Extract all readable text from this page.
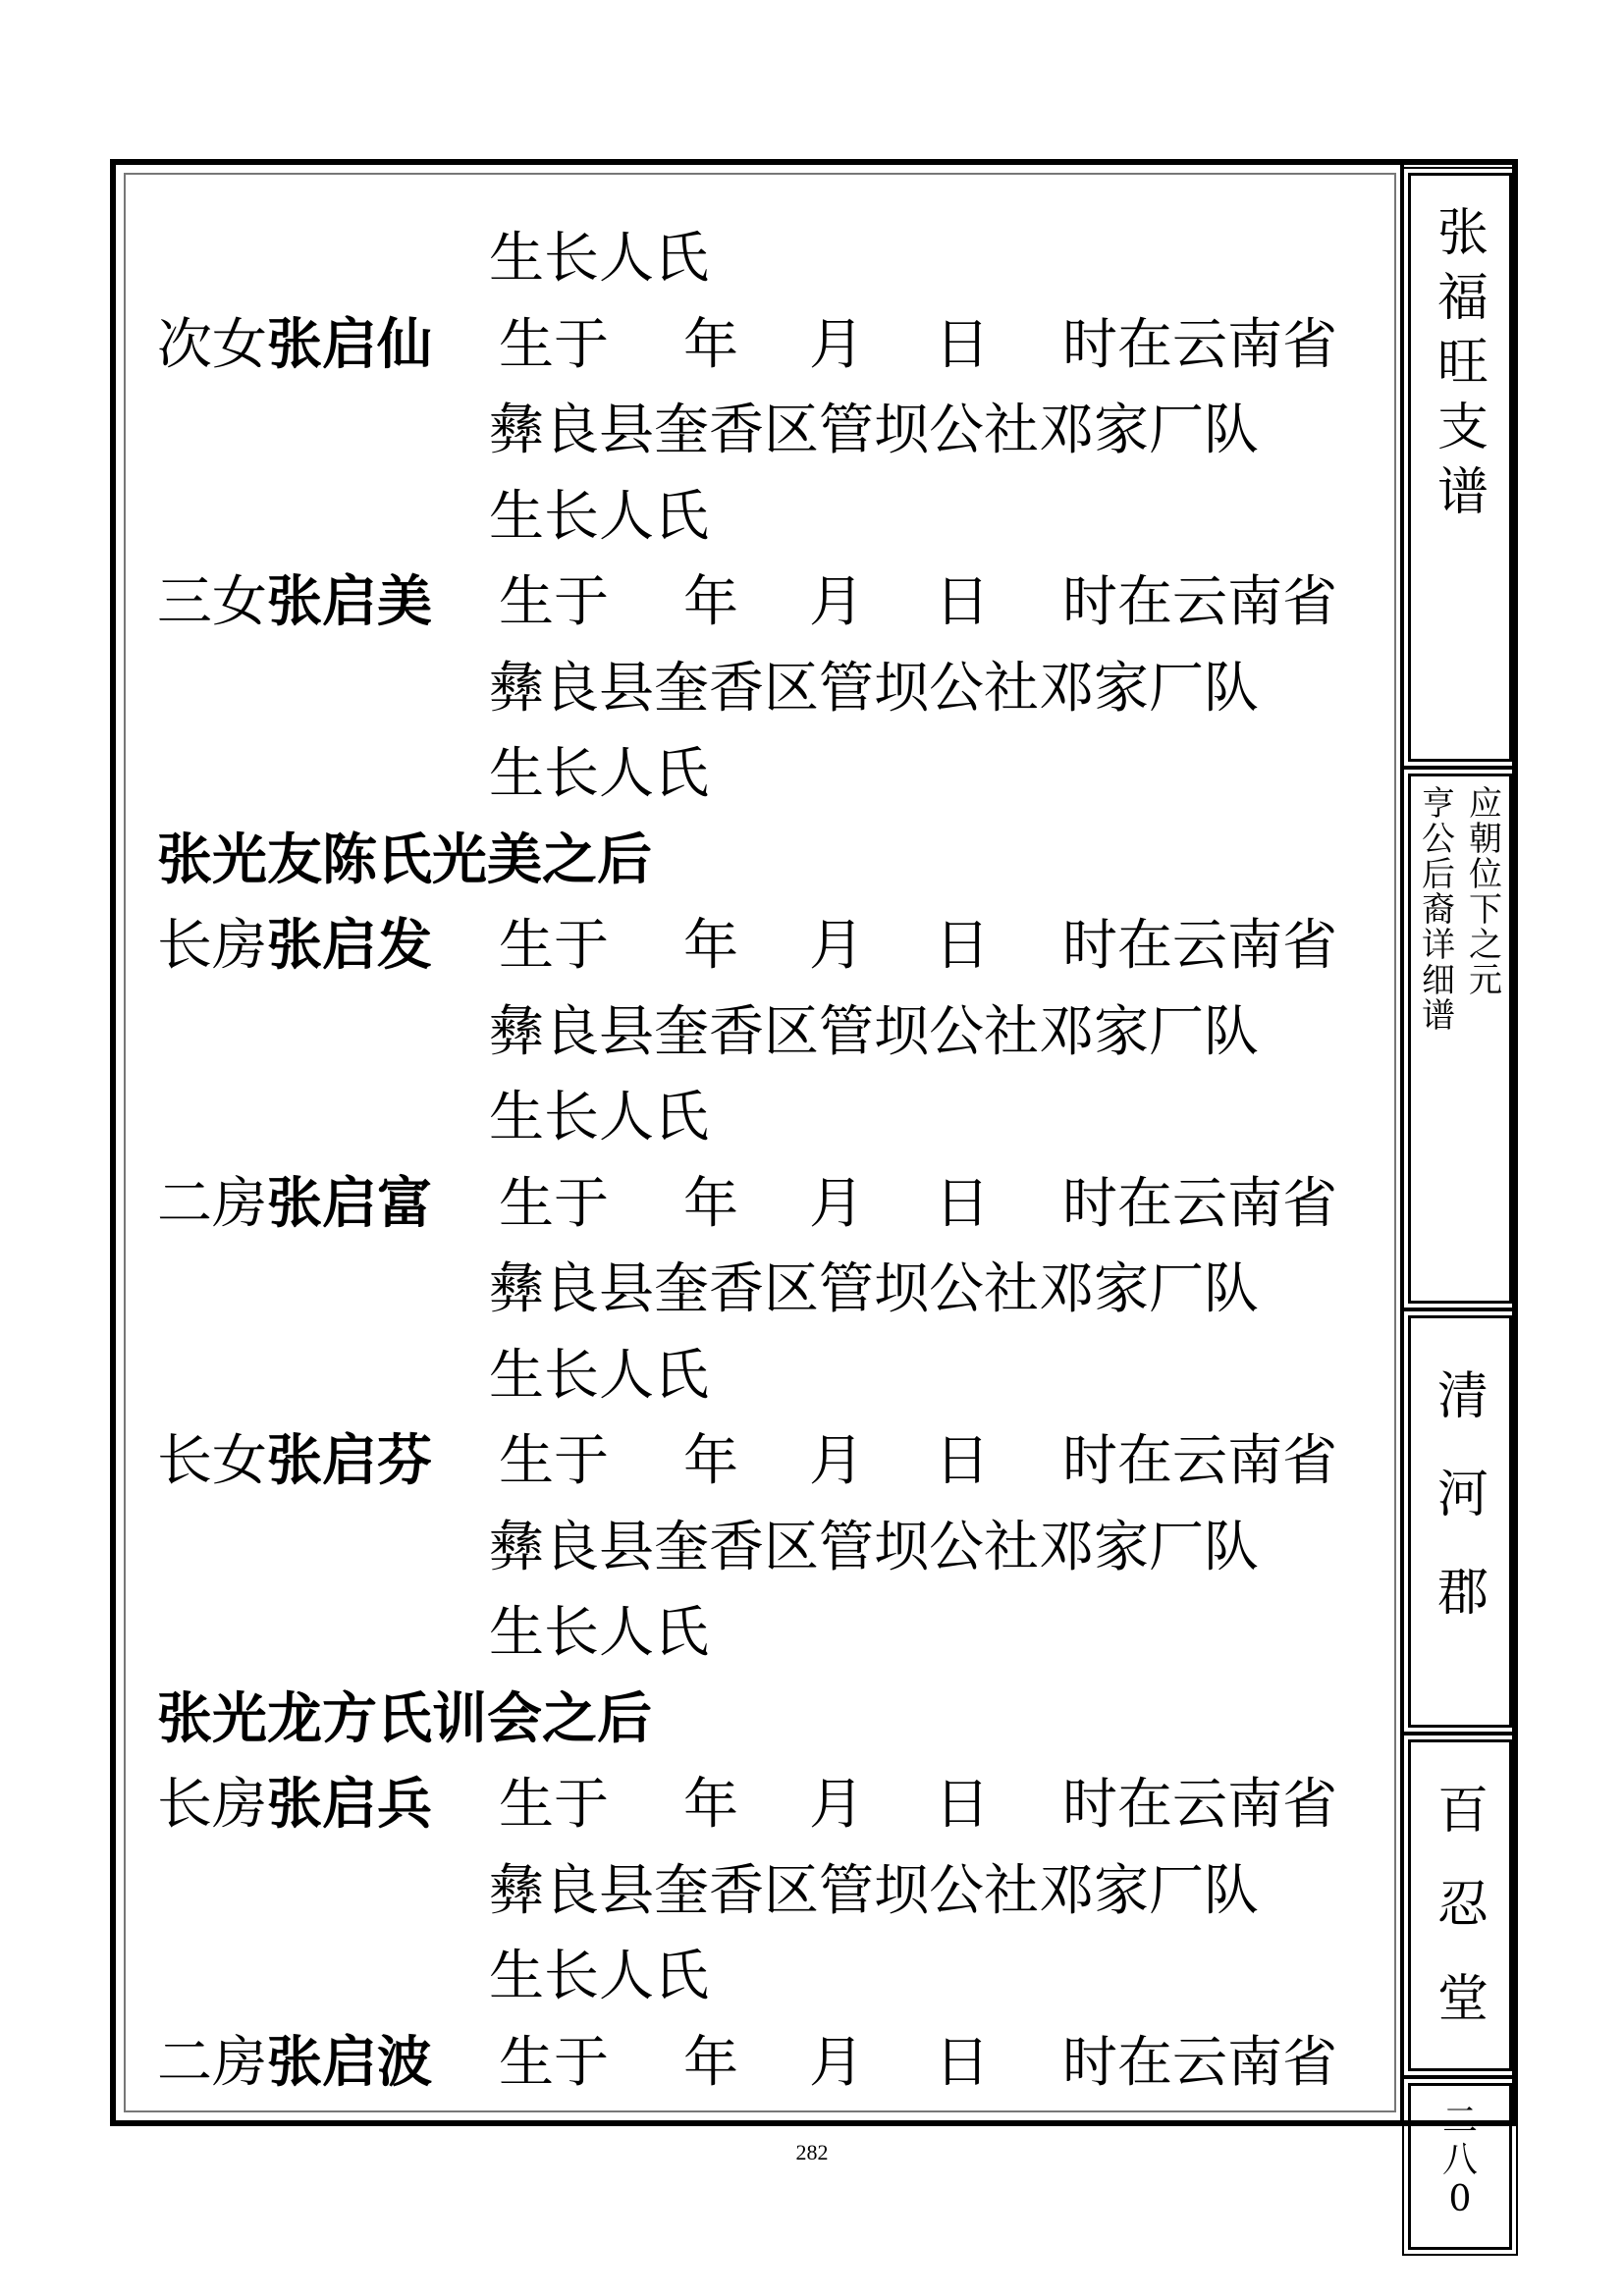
生长人氏
次女张启仙 生于 年 月 日 时在云南省
彝良县奎香区管坝公社邓家厂队
生长人氏
三女张启美 生于 年 月 日 时在云南省
彝良县奎香区管坝公社邓家厂队
生长人氏
张光友陈氏光美之后
长房张启发 生于 年 月 日 时在云南省
彝良县奎香区管坝公社邓家厂队
生长人氏
二房张启富 生于 年 月 日 时在云南省
彝良县奎香区管坝公社邓家厂队
生长人氏
长女张启芬 生于 年 月 日 时在云南省
彝良县奎香区管坝公社邓家厂队
生长人氏
张光龙方氏训会之后
长房张启兵 生于 年 月 日 时在云南省
彝良县奎香区管坝公社邓家厂队
生长人氏
二房张启波 生于 年 月 日 时在云南省
张
福
旺
支
谱
亨
公
后
裔
详
细
谱
应
朝
位
下
之
元
清
河
郡
百
忍
堂
二
八
0
282
